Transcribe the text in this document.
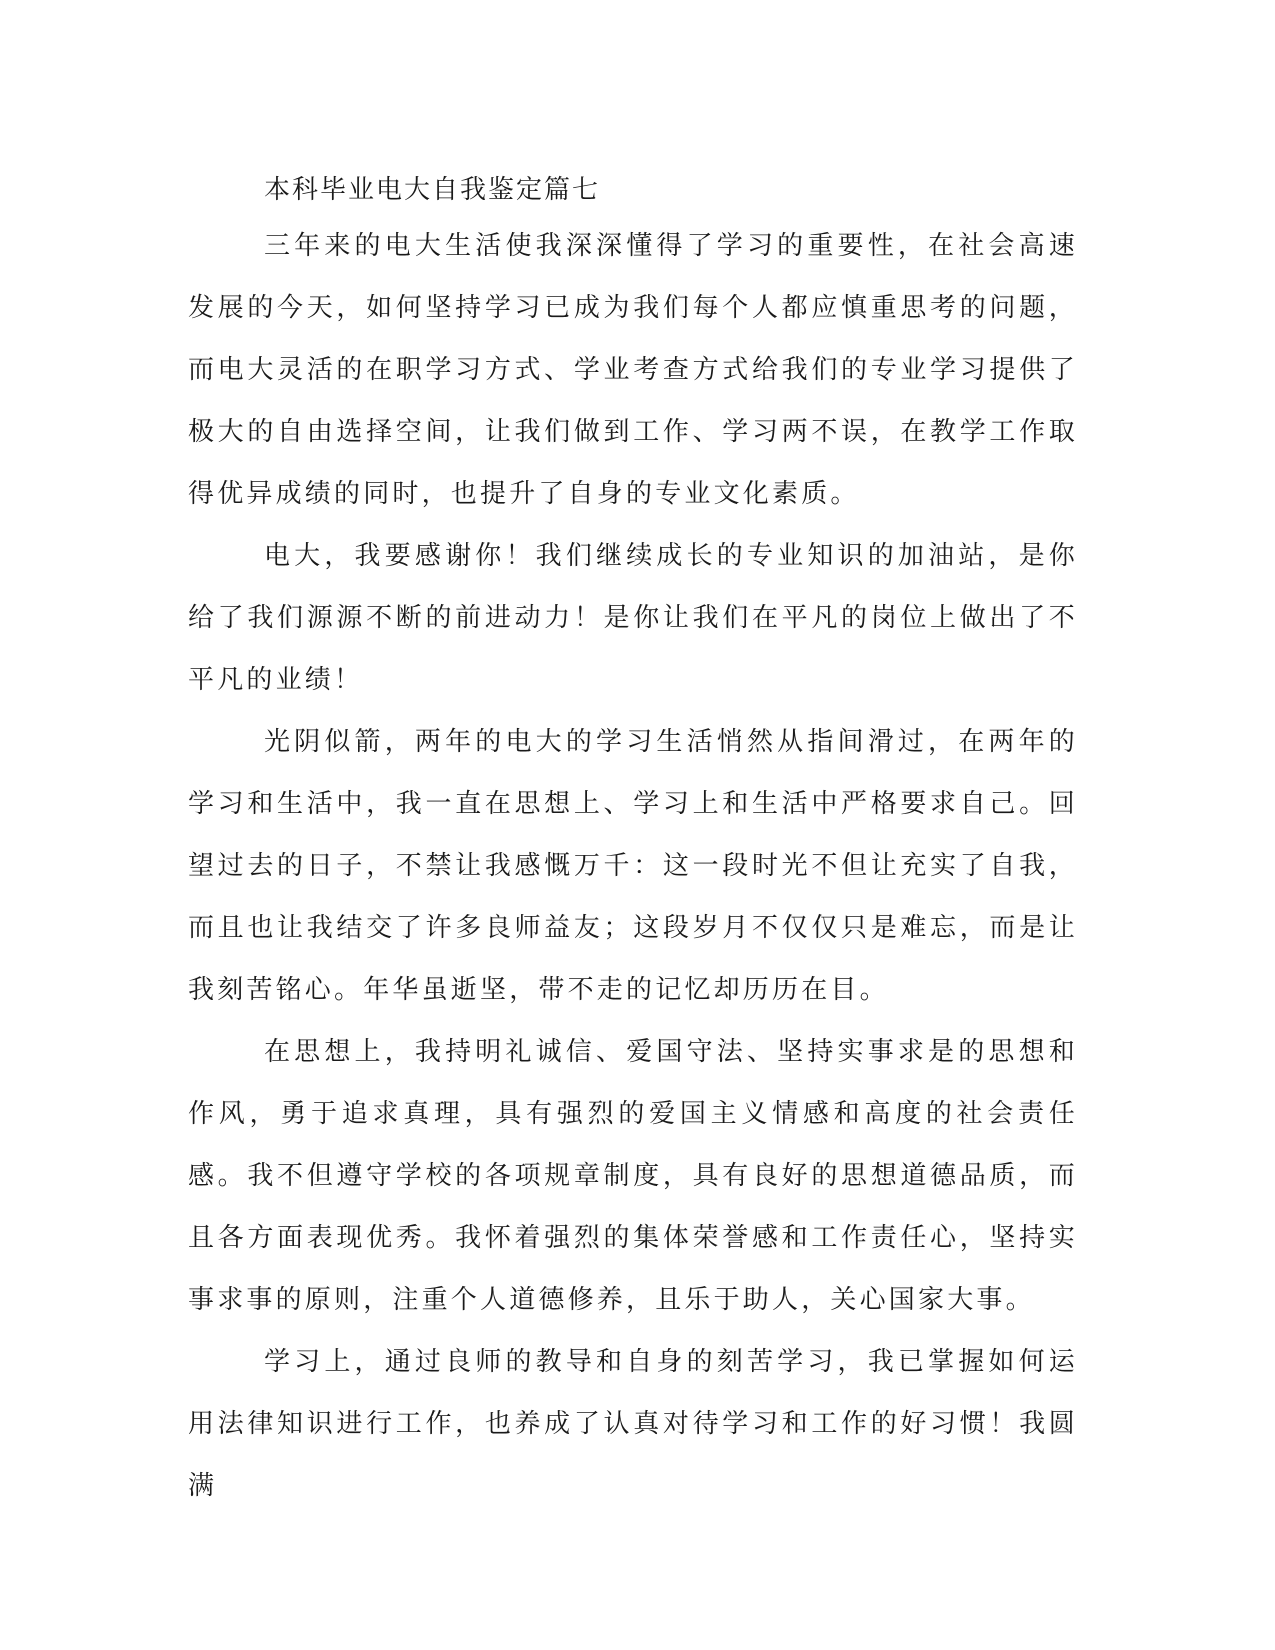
本科毕业电大自我鉴定篇七

三年来的电大生活使我深深懂得了学习的重要性，在社会高速发展的今天，如何坚持学习已成为我们每个人都应慎重思考的问题，而电大灵活的在职学习方式、学业考查方式给我们的专业学习提供了极大的自由选择空间，让我们做到工作、学习两不误，在教学工作取得优异成绩的同时，也提升了自身的专业文化素质。

电大，我要感谢你！我们继续成长的专业知识的加油站，是你给了我们源源不断的前进动力！是你让我们在平凡的岗位上做出了不平凡的业绩！

光阴似箭，两年的电大的学习生活悄然从指间滑过，在两年的学习和生活中，我一直在思想上、学习上和生活中严格要求自己。回望过去的日子，不禁让我感慨万千：这一段时光不但让充实了自我，而且也让我结交了许多良师益友；这段岁月不仅仅只是难忘，而是让我刻苦铭心。年华虽逝坚，带不走的记忆却历历在目。

在思想上，我持明礼诚信、爱国守法、坚持实事求是的思想和作风，勇于追求真理，具有强烈的爱国主义情感和高度的社会责任感。我不但遵守学校的各项规章制度，具有良好的思想道德品质，而且各方面表现优秀。我怀着强烈的集体荣誉感和工作责任心，坚持实事求事的原则，注重个人道德修养，且乐于助人，关心国家大事。

学习上，通过良师的教导和自身的刻苦学习，我已掌握如何运用法律知识进行工作，也养成了认真对待学习和工作的好习惯！我圆满
